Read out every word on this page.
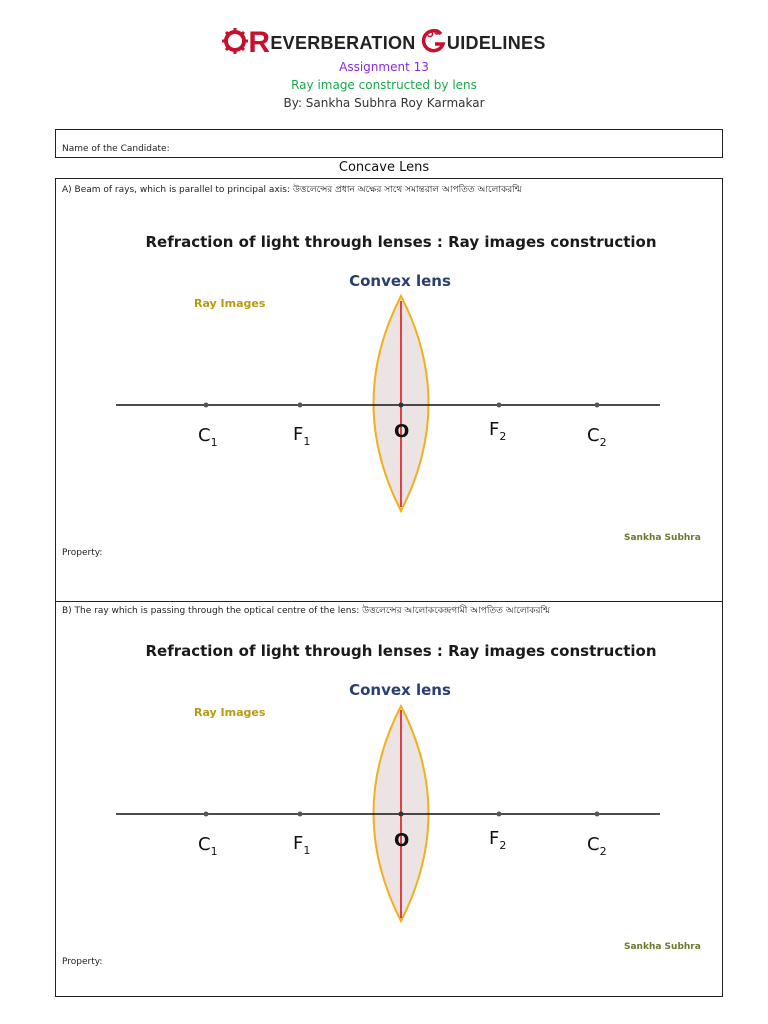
REVERBERATION UIDELINES
Assignment 13
Ray image constructed by lens
By: Sankha Subhra Roy Karmakar
Name of the Candidate:
Concave Lens
A) Beam of rays, which is parallel to principal axis: উত্তলেন্সের প্রধান অক্ষের সাথে সমান্তরাল আপতিত আলোকরশ্মি
Refraction of light through lenses : Ray images construction
Convex lens
Ray Images
$C_1$	$F_1$	O	$F_2$	$C_2$
Sankha Subhra
Property:
B) The ray which is passing through the optical centre of the lens: উত্তলেন্সের আলোককেন্দ্রগামী আপতিত আলোকরশ্মি
Refraction of light through lenses : Ray images construction
Convex lens
Ray Images
$C_1$	$F_1$	O	$F_2$	$C_2$
Sankha Subhra
Property:
